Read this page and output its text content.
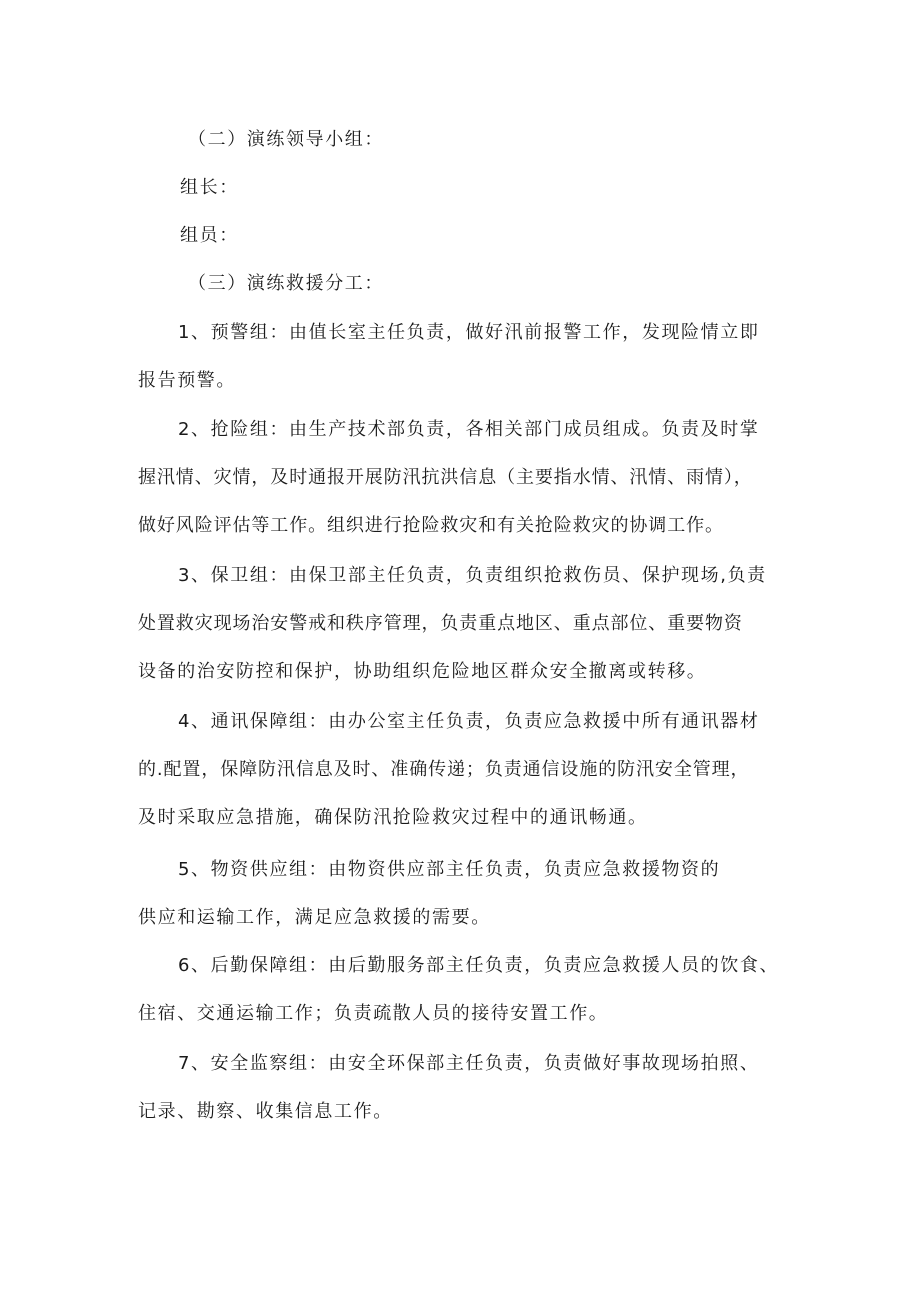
（二）演练领导小组：

组长：

组员：

（三）演练救援分工：

1、预警组：由值长室主任负责，做好汛前报警工作，发现险情立即

报告预警。

2、抢险组：由生产技术部负责，各相关部门成员组成。负责及时掌

握汛情、灾情，及时通报开展防汛抗洪信息（主要指水情、汛情、雨情），

做好风险评估等工作。组织进行抢险救灾和有关抢险救灾的协调工作。

3、保卫组：由保卫部主任负责，负责组织抢救伤员、保护现场,负责

处置救灾现场治安警戒和秩序管理，负责重点地区、重点部位、重要物资

设备的治安防控和保护，协助组织危险地区群众安全撤离或转移。

4、通讯保障组：由办公室主任负责，负责应急救援中所有通讯器材

的.配置，保障防汛信息及时、准确传递；负责通信设施的防汛安全管理，

及时采取应急措施，确保防汛抢险救灾过程中的通讯畅通。

5、物资供应组：由物资供应部主任负责，负责应急救援物资的

供应和运输工作，满足应急救援的需要。

6、后勤保障组：由后勤服务部主任负责，负责应急救援人员的饮食、

住宿、交通运输工作；负责疏散人员的接待安置工作。

7、安全监察组：由安全环保部主任负责，负责做好事故现场拍照、

记录、勘察、收集信息工作。
